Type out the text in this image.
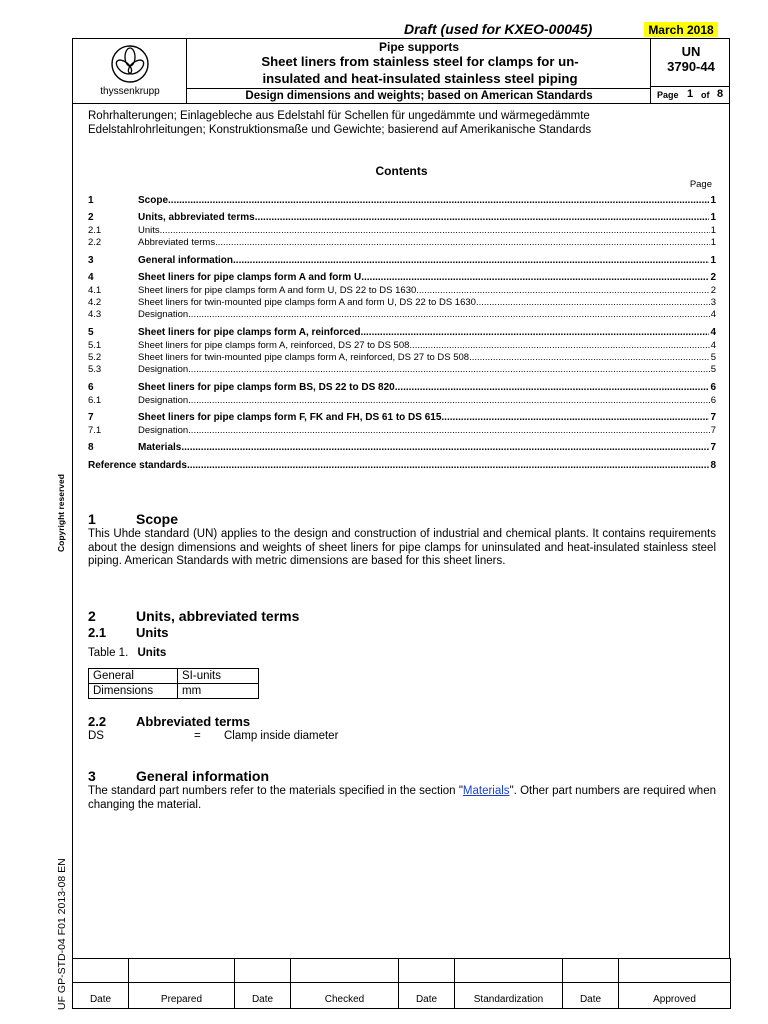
Draft (used for KXEO-00045)	March 2018
thyssenkrupp
Pipe supports
Sheet liners from stainless steel for clamps for un-
insulated and heat-insulated stainless steel piping
Design dimensions and weights; based on American Standards
UN
3790-44
Page 1 of 8
Rohrhalterungen; Einlagebleche aus Edelstahl für Schellen für ungedämmte und wärmegedämmte Edelstahlrohrleitungen; Konstruktionsmaße und Gewichte; basierend auf Amerikanische Standards
Contents
Page
1	Scope .....	1
2	Units, abbreviated terms .....	1
2.1	Units .....	1
2.2	Abbreviated terms .....	1
3	General information .....	1
4	Sheet liners for pipe clamps form A and form U .....	2
4.1	Sheet liners for pipe clamps form A and form U, DS 22 to DS 1630 .....	2
4.2	Sheet liners for twin-mounted pipe clamps form A and form U, DS 22 to DS 1630 .....	3
4.3	Designation .....	4
5	Sheet liners for pipe clamps form A, reinforced .....	4
5.1	Sheet liners for pipe clamps form A, reinforced, DS 27 to DS 508 .....	4
5.2	Sheet liners for twin-mounted pipe clamps form A, reinforced, DS 27 to DS 508 .....	5
5.3	Designation .....	5
6	Sheet liners for pipe clamps form BS, DS 22 to DS 820 .....	6
6.1	Designation .....	6
7	Sheet liners for pipe clamps form F, FK and FH, DS 61 to DS 615 .....	7
7.1	Designation .....	7
8	Materials .....	7
Reference standards .....	8
1	Scope
This Uhde standard (UN) applies to the design and construction of industrial and chemical plants. It contains requirements about the design dimensions and weights of sheet liners for pipe clamps for uninsulated and heat-insulated stainless steel piping. American Standards with metric dimensions are based for this sheet liners.
2	Units, abbreviated terms
2.1 Units
Table 1. Units
General	SI-units
Dimensions	mm
2.2 Abbreviated terms
DS	= Clamp inside diameter
3	General information
The standard part numbers refer to the materials specified in the section "Materials". Other part numbers are required when changing the material.

Date	Prepared	Date	Checked	Date	Standardization	Date	Approved
Copyright reserved
UF GP-STD-04 F01 2013-08 EN
